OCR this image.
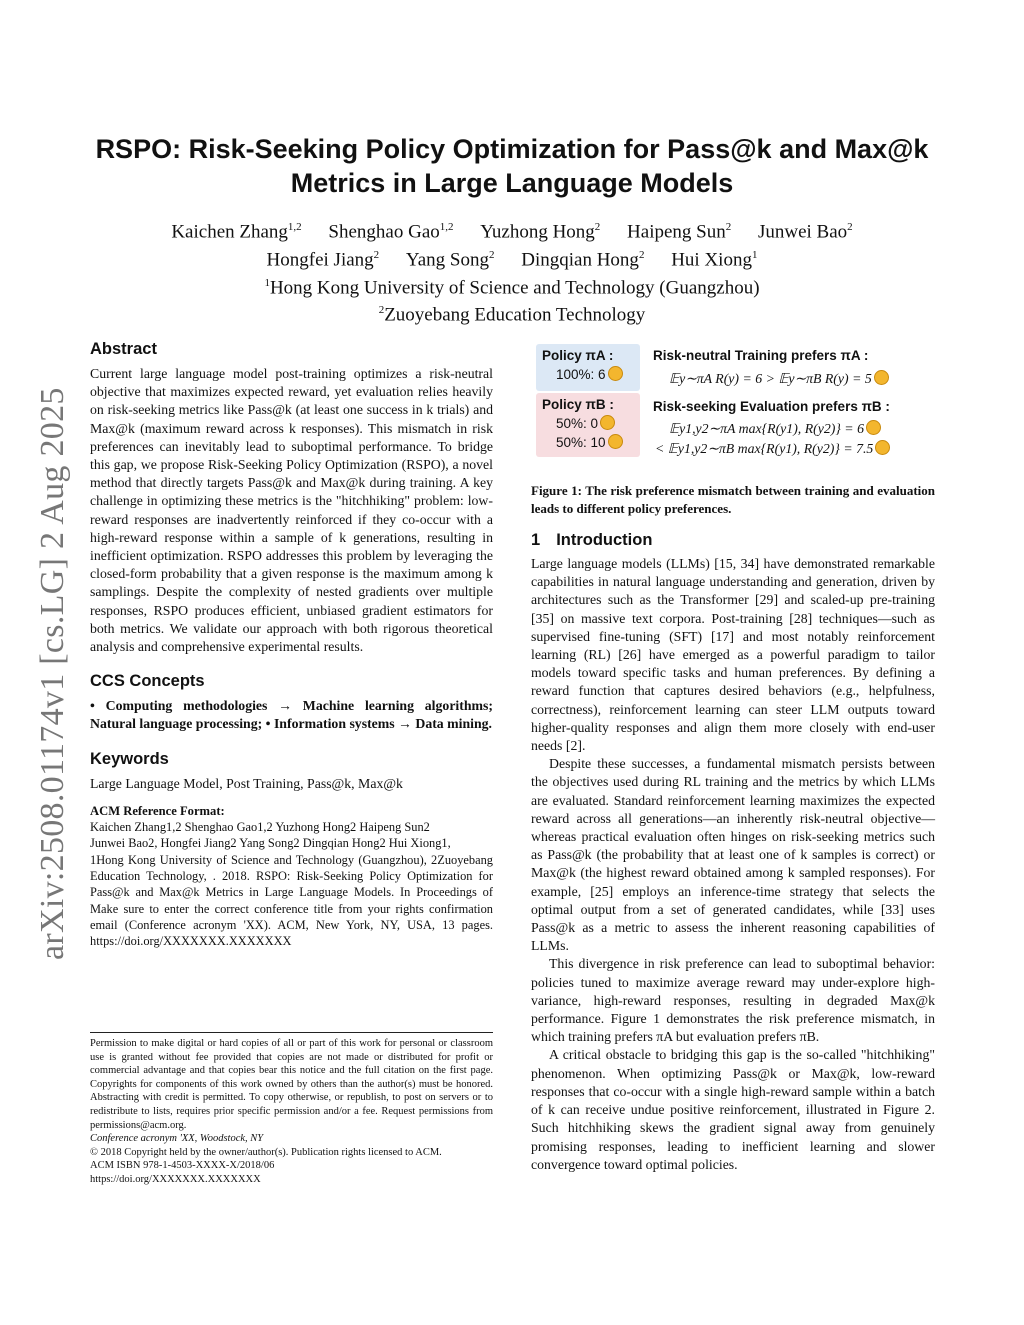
arXiv:2508.01174v1 [cs.LG] 2 Aug 2025
RSPO: Risk-Seeking Policy Optimization for Pass@k and Max@k Metrics in Large Language Models
Kaichen Zhang$^{1,2}$ Shenghao Gao$^{1,2}$ Yuzhong Hong$^2$ Haipeng Sun$^2$ Junwei Bao$^2$
Hongfei Jiang$^2$ Yang Song$^2$ Dingqian Hong$^2$ Hui Xiong$^1$
$^1$Hong Kong University of Science and Technology (Guangzhou)
$^2$Zuoyebang Education Technology
Abstract

Current large language model post-training optimizes a risk-neutral objective that maximizes expected reward, yet evaluation relies heavily on risk-seeking metrics like Pass@k (at least one success in k trials) and Max@k (maximum reward across k responses). This mismatch in risk preferences can inevitably lead to suboptimal performance. To bridge this gap, we propose Risk-Seeking Policy Optimization (RSPO), a novel method that directly targets Pass@k and Max@k during training. A key challenge in optimizing these metrics is the "hitchhiking" problem: low-reward responses are inadvertently reinforced if they co-occur with a high-reward response within a sample of k generations, resulting in inefficient optimization. RSPO addresses this problem by leveraging the closed-form probability that a given response is the maximum among k samplings. Despite the complexity of nested gradients over multiple responses, RSPO produces efficient, unbiased gradient estimators for both metrics. We validate our approach with both rigorous theoretical analysis and comprehensive experimental results.

CCS Concepts

• Computing methodologies → Machine learning algorithms; Natural language processing; • Information systems → Data mining.

Keywords

Large Language Model, Post Training, Pass@k, Max@k

ACM Reference Format:
Kaichen Zhang1,2 Shenghao Gao1,2 Yuzhong Hong2 Haipeng Sun2
Junwei Bao2, Hongfei Jiang2 Yang Song2 Dingqian Hong2 Hui Xiong1,

1Hong Kong University of Science and Technology (Guangzhou), 2Zuoyebang Education Technology, . 2018. RSPO: Risk-Seeking Policy Optimization for Pass@k and Max@k Metrics in Large Language Models. In Proceedings of Make sure to enter the correct conference title from your rights confirmation email (Conference acronym 'XX). ACM, New York, NY, USA, 13 pages. https://doi.org/XXXXXXX.XXXXXXX

Permission to make digital or hard copies of all or part of this work for personal or classroom use is granted without fee provided that copies are not made or distributed for profit or commercial advantage and that copies bear this notice and the full citation on the first page. Copyrights for components of this work owned by others than the author(s) must be honored. Abstracting with credit is permitted. To copy otherwise, or republish, to post on servers or to redistribute to lists, requires prior specific permission and/or a fee. Request permissions from permissions@acm.org.

Conference acronym 'XX, Woodstock, NY

© 2018 Copyright held by the owner/author(s). Publication rights licensed to ACM.

ACM ISBN 978-1-4503-XXXX-X/2018/06

https://doi.org/XXXXXXX.XXXXXXX

Policy πA :
100%: 6
Policy πB :
50%: 0
50%: 10
Risk-neutral Training prefers πA :
𝔼y∼πA R(y) = 6 > 𝔼y∼πB R(y) = 5
Risk-seeking Evaluation prefers πB :
𝔼y1,y2∼πA max{R(y1), R(y2)} = 6
< 𝔼y1,y2∼πB max{R(y1), R(y2)} = 7.5
Figure 1: The risk preference mismatch between training and evaluation leads to different policy preferences.
1 Introduction

Large language models (LLMs) [15, 34] have demonstrated remarkable capabilities in natural language understanding and generation, driven by architectures such as the Transformer [29] and scaled-up pre-training [35] on massive text corpora. Post-training [28] techniques—such as supervised fine-tuning (SFT) [17] and most notably reinforcement learning (RL) [26] have emerged as a powerful paradigm to tailor models toward specific tasks and human preferences. By defining a reward function that captures desired behaviors (e.g., helpfulness, correctness), reinforcement learning can steer LLM outputs toward higher-quality responses and align them more closely with end-user needs [2].

Despite these successes, a fundamental mismatch persists between the objectives used during RL training and the metrics by which LLMs are evaluated. Standard reinforcement learning maximizes the expected reward across all generations—an inherently risk-neutral objective—whereas practical evaluation often hinges on risk-seeking metrics such as Pass@k (the probability that at least one of k samples is correct) or Max@k (the highest reward obtained among k sampled responses). For example, [25] employs an inference-time strategy that selects the optimal output from a set of generated candidates, while [33] uses Pass@k as a metric to assess the inherent reasoning capabilities of LLMs.

This divergence in risk preference can lead to suboptimal behavior: policies tuned to maximize average reward may under-explore high-variance, high-reward responses, resulting in degraded Max@k performance. Figure 1 demonstrates the risk preference mismatch, in which training prefers πA but evaluation prefers πB.

A critical obstacle to bridging this gap is the so-called "hitchhiking" phenomenon. When optimizing Pass@k or Max@k, low-reward responses that co-occur with a single high-reward sample within a batch of k can receive undue positive reinforcement, illustrated in Figure 2. Such hitchhiking skews the gradient signal away from genuinely promising responses, leading to inefficient learning and slower convergence toward optimal policies.
